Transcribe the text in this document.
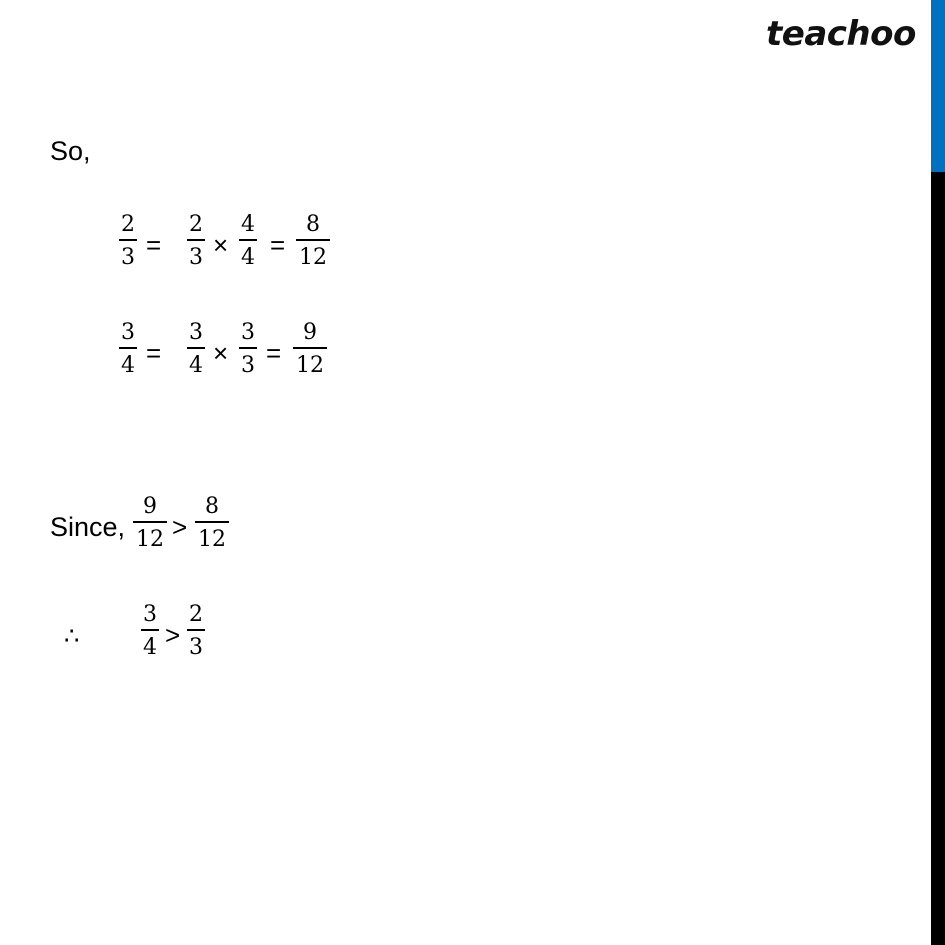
teachoo
So,
2
3 =
2
3 ×
4
4 =
8
12
3
4 =
3
4 ×
3
3 =
9
12
Since,
9
12 >
8
12
∴
3
4 >
2
3
